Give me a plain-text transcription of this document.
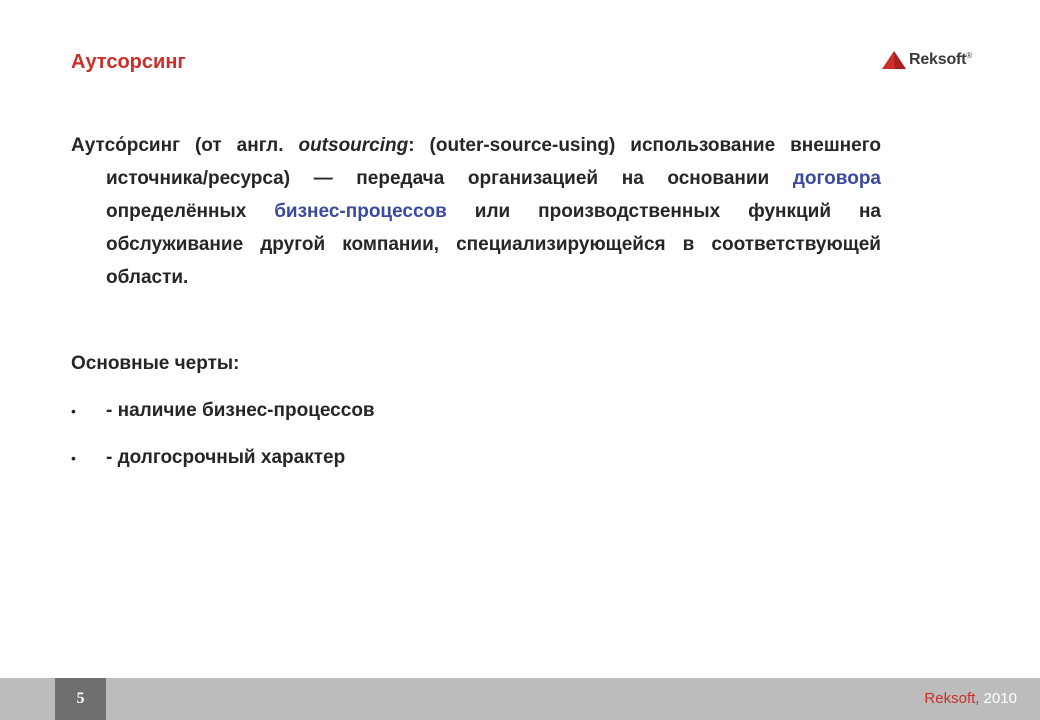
Аутсорсинг	Reksoft®

Аутсо́рсинг (от англ. outsourcing: (outer-source-using) использование внешнего источника/ресурса) — передача организацией на основании договора определённых бизнес-процессов или производственных функций на обслуживание другой компании, специализирующейся в соответствующей области.

Основные черты:
• - наличие бизнес-процессов
• - долгосрочный характер
5	Reksoft, 2010
